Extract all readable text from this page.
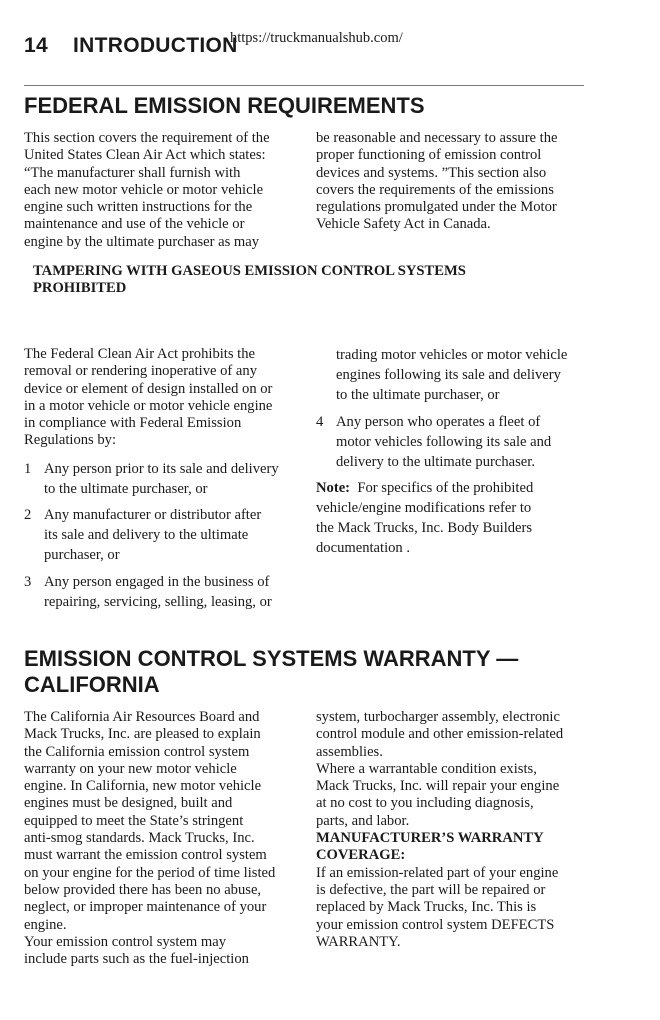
14 INTRODUCTION
https://truckmanualshub.com/
FEDERAL EMISSION REQUIREMENTS
This section covers the requirement of the
United States Clean Air Act which states:
“The manufacturer shall furnish with
each new motor vehicle or motor vehicle
engine such written instructions for the
maintenance and use of the vehicle or
engine by the ultimate purchaser as may
be reasonable and necessary to assure the
proper functioning of emission control
devices and systems. ”This section also
covers the requirements of the emissions
regulations promulgated under the Motor
Vehicle Safety Act in Canada.
TAMPERING WITH GASEOUS EMISSION CONTROL SYSTEMS
PROHIBITED
The Federal Clean Air Act prohibits the
removal or rendering inoperative of any
device or element of design installed on or
in a motor vehicle or motor vehicle engine
in compliance with Federal Emission
Regulations by:
1 Any person prior to its sale and delivery
to the ultimate purchaser, or
2 Any manufacturer or distributor after
its sale and delivery to the ultimate
purchaser, or
3 Any person engaged in the business of
repairing, servicing, selling, leasing, or
trading motor vehicles or motor vehicle
engines following its sale and delivery
to the ultimate purchaser, or
4 Any person who operates a fleet of
motor vehicles following its sale and
delivery to the ultimate purchaser.
Note: For specifics of the prohibited
vehicle/engine modifications refer to
the Mack Trucks, Inc. Body Builders
documentation .
EMISSION CONTROL SYSTEMS WARRANTY —
CALIFORNIA
The California Air Resources Board and
Mack Trucks, Inc. are pleased to explain
the California emission control system
warranty on your new motor vehicle
engine. In California, new motor vehicle
engines must be designed, built and
equipped to meet the State’s stringent
anti-smog standards. Mack Trucks, Inc.
must warrant the emission control system
on your engine for the period of time listed
below provided there has been no abuse,
neglect, or improper maintenance of your
engine.
Your emission control system may
include parts such as the fuel-injection
system, turbocharger assembly, electronic
control module and other emission-related
assemblies.
Where a warrantable condition exists,
Mack Trucks, Inc. will repair your engine
at no cost to you including diagnosis,
parts, and labor.
MANUFACTURER’S WARRANTY
COVERAGE:
If an emission-related part of your engine
is defective, the part will be repaired or
replaced by Mack Trucks, Inc. This is
your emission control system DEFECTS
WARRANTY.
